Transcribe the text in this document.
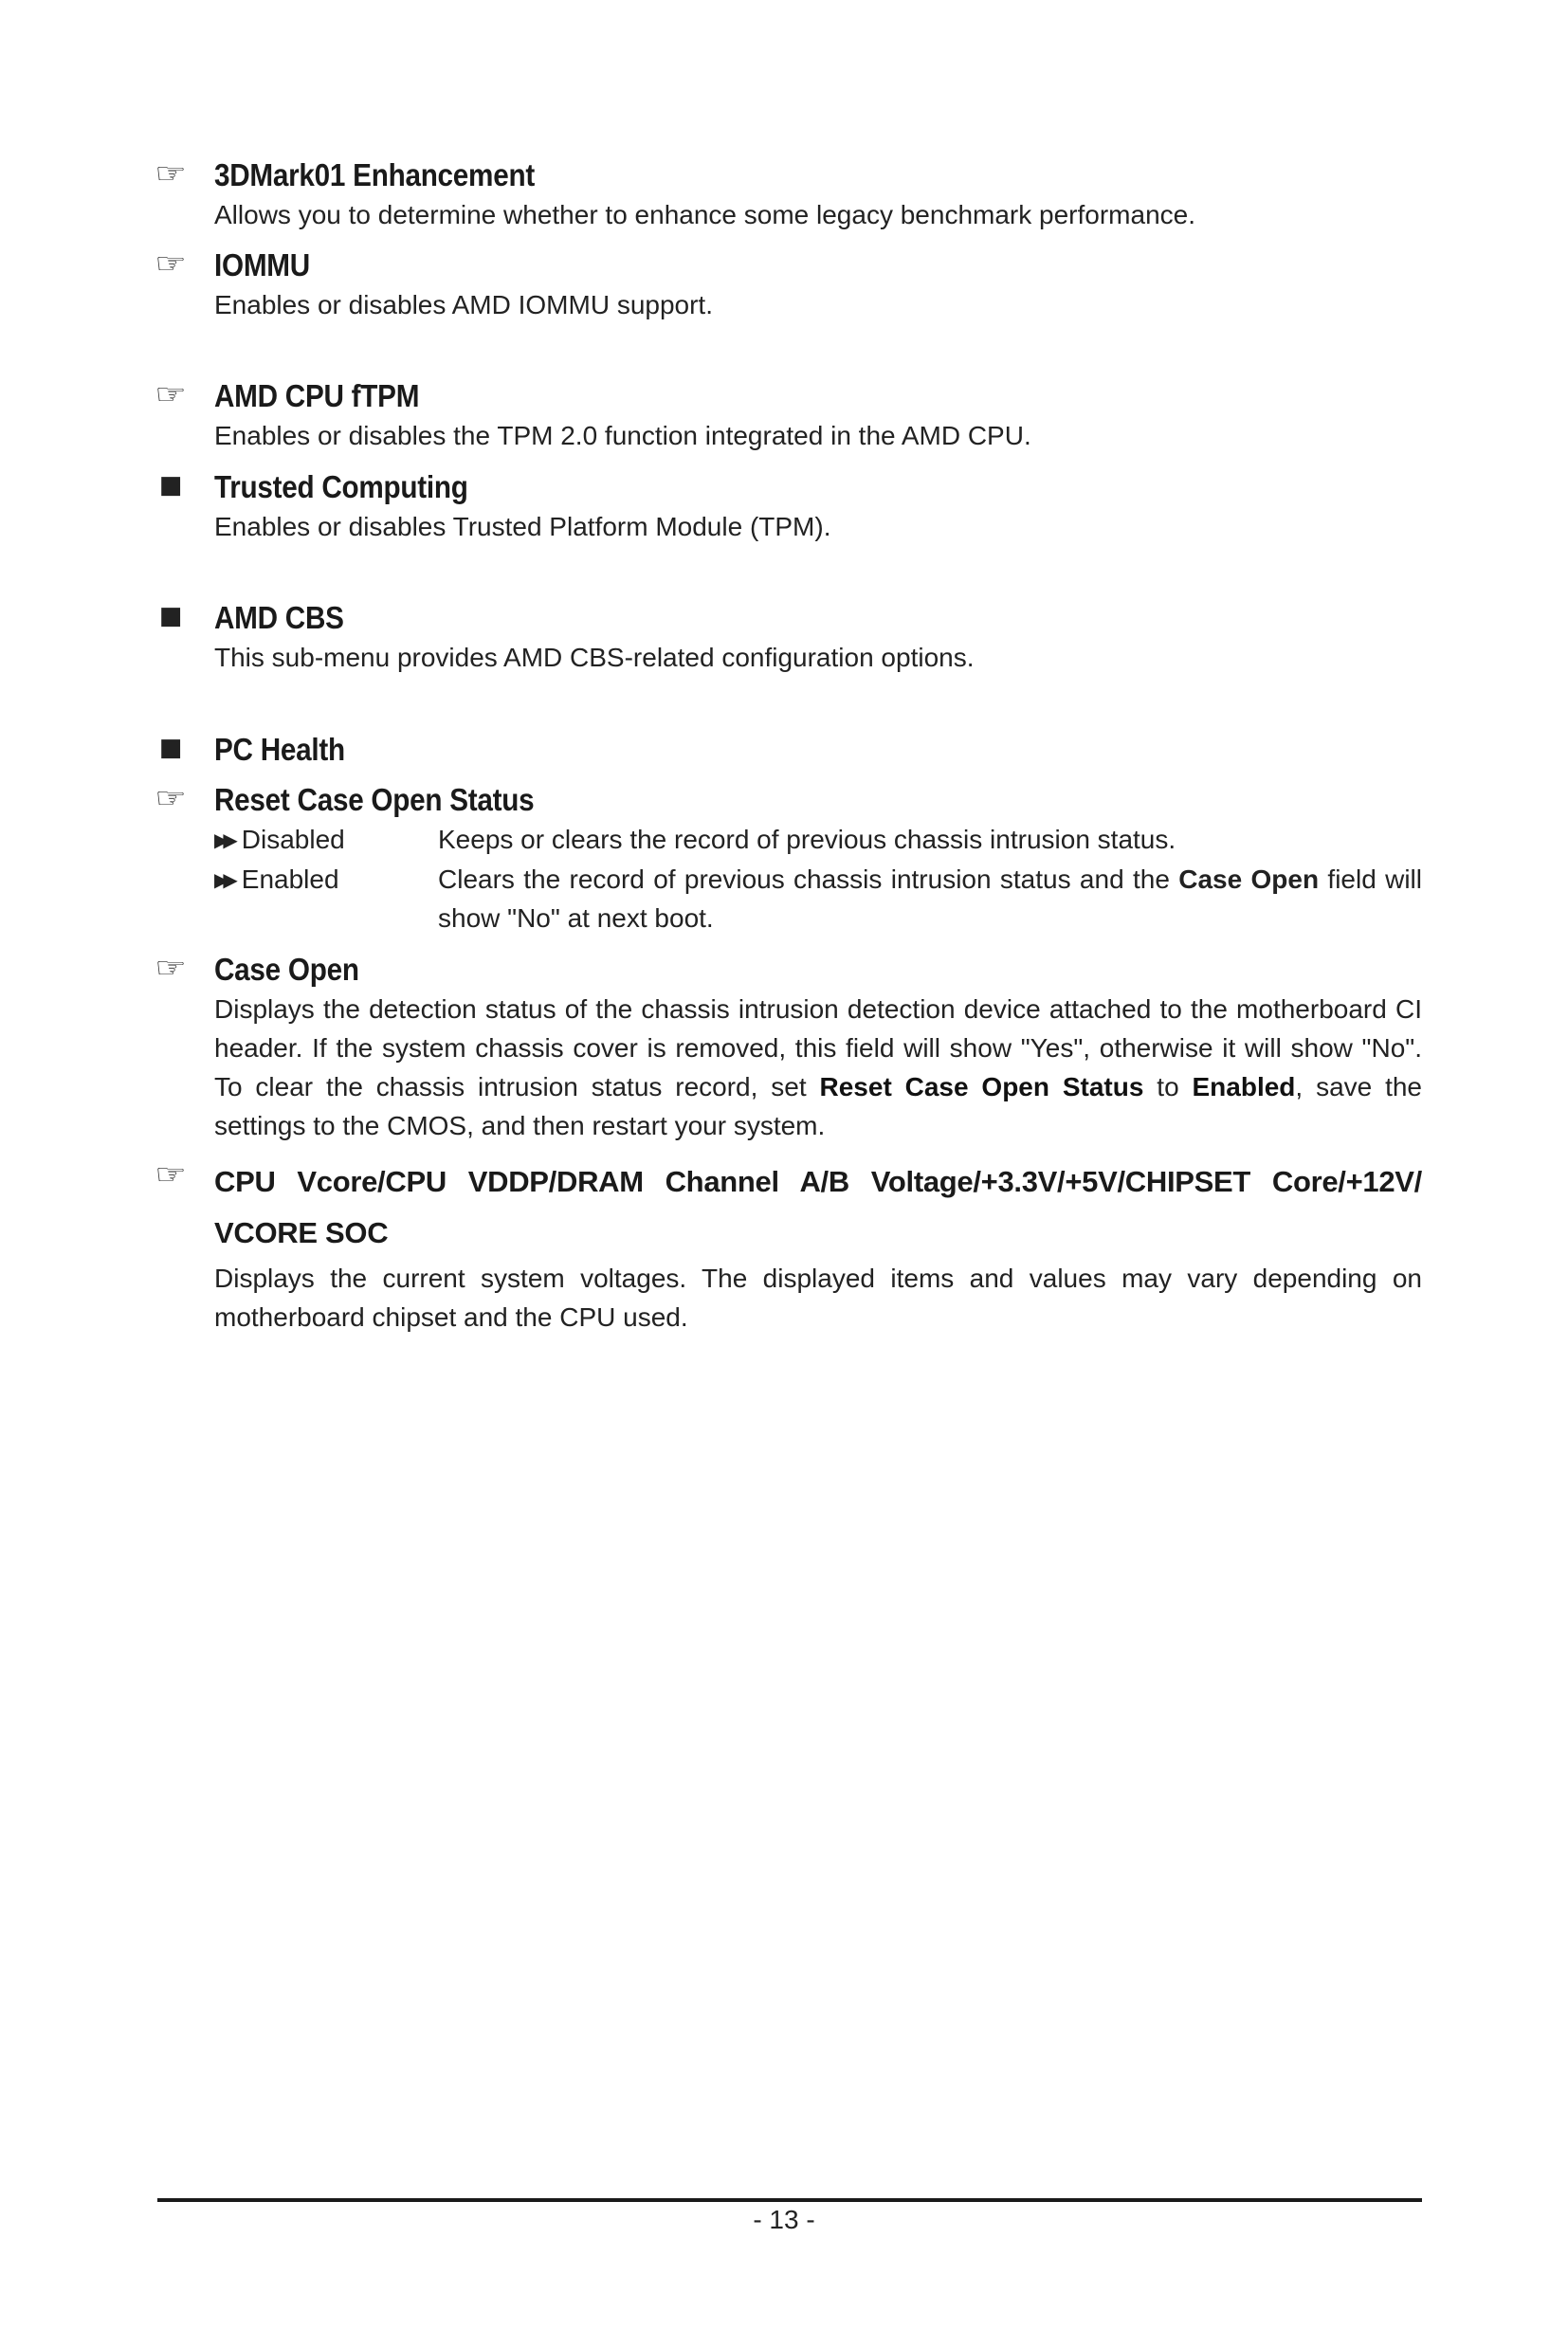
☞ 3DMark01 Enhancement
Allows you to determine whether to enhance some legacy benchmark performance.
☞ IOMMU
Enables or disables AMD IOMMU support.
☞ AMD CPU fTPM
Enables or disables the TPM 2.0 function integrated in the AMD CPU.
■ Trusted Computing
Enables or disables Trusted Platform Module (TPM).
■ AMD CBS
This sub-menu provides AMD CBS-related configuration options.
■ PC Health
☞ Reset Case Open Status
▶▶ Disabled	Keeps or clears the record of previous chassis intrusion status.
▶▶ Enabled	Clears the record of previous chassis intrusion status and the Case Open field will show "No" at next boot.
☞ Case Open
Displays the detection status of the chassis intrusion detection device attached to the motherboard CI header. If the system chassis cover is removed, this field will show "Yes", otherwise it will show "No". To clear the chassis intrusion status record, set Reset Case Open Status to Enabled, save the settings to the CMOS, and then restart your system.
☞ CPU Vcore/CPU VDDP/DRAM Channel A/B Voltage/+3.3V/+5V/CHIPSET Core/+12V/ VCORE SOC
Displays the current system voltages. The displayed items and values may vary depending on motherboard chipset and the CPU used.
- 13 -
